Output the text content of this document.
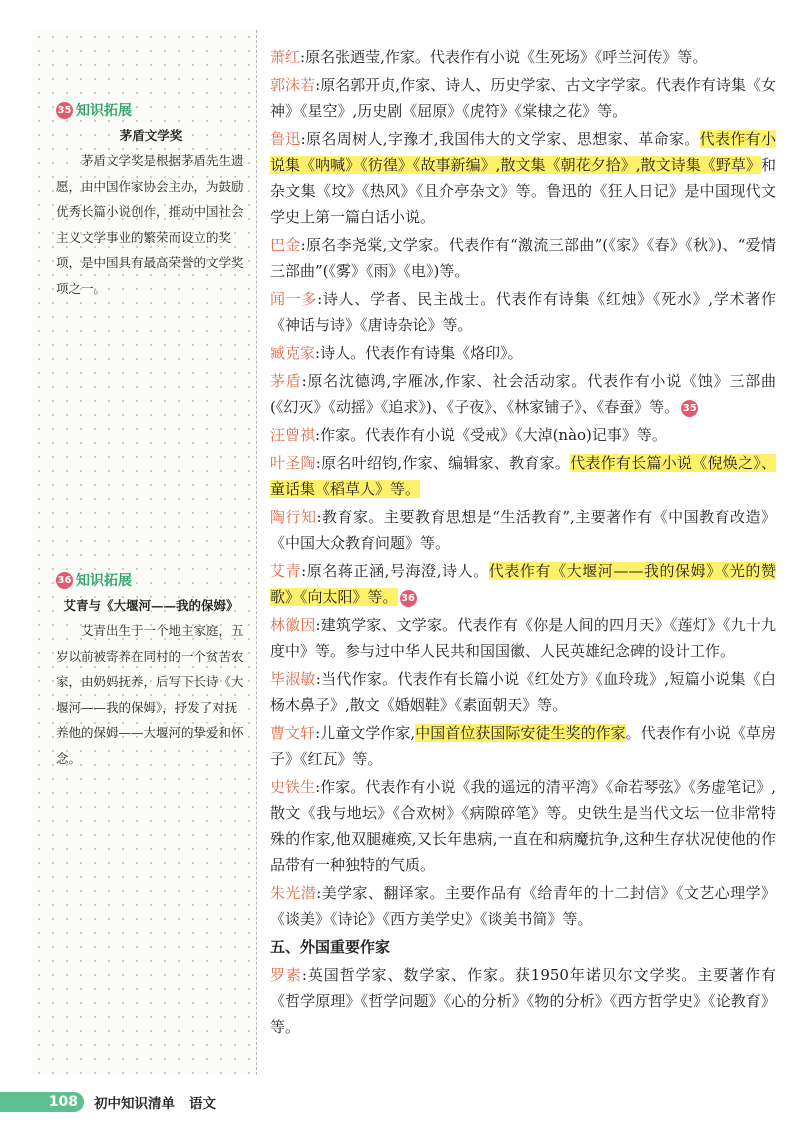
35 知识拓展
茅盾文学奖

茅盾文学奖是根据茅盾先生遗愿，由中国作家协会主办，为鼓励优秀长篇小说创作，推动中国社会主义文学事业的繁荣而设立的奖项，是中国具有最高荣誉的文学奖项之一。

36 知识拓展
艾青与《大堰河——我的保姆》

艾青出生于一个地主家庭，五岁以前被寄养在同村的一个贫苦农家，由奶妈抚养，后写下长诗《大堰河——我的保姆》，抒发了对抚养他的保姆——大堰河的挚爱和怀念。

萧红:原名张迺莹,作家。代表作有小说《生死场》《呼兰河传》等。

郭沫若:原名郭开贞,作家、诗人、历史学家、古文字学家。代表作有诗集《女神》《星空》,历史剧《屈原》《虎符》《棠棣之花》等。

鲁迅:原名周树人,字豫才,我国伟大的文学家、思想家、革命家。代表作有小说集《呐喊》《彷徨》《故事新编》,散文集《朝花夕拾》,散文诗集《野草》和杂文集《坟》《热风》《且介亭杂文》等。鲁迅的《狂人日记》是中国现代文学史上第一篇白话小说。

巴金:原名李尧棠,文学家。代表作有“激流三部曲”(《家》《春》《秋》)、“爱情三部曲”(《雾》《雨》《电》)等。

闻一多:诗人、学者、民主战士。代表作有诗集《红烛》《死水》,学术著作《神话与诗》《唐诗杂论》等。

臧克家:诗人。代表作有诗集《烙印》。

茅盾:原名沈德鸿,字雁冰,作家、社会活动家。代表作有小说《蚀》三部曲(《幻灭》《动摇》《追求》)、《子夜》、《林家铺子》、《春蚕》等。 35

汪曾祺:作家。代表作有小说《受戒》《大淖(nào)记事》等。

叶圣陶:原名叶绍钧,作家、编辑家、教育家。代表作有长篇小说《倪焕之》、童话集《稻草人》等。

陶行知:教育家。主要教育思想是“生活教育”,主要著作有《中国教育改造》《中国大众教育问题》等。

艾青:原名蒋正涵,号海澄,诗人。代表作有《大堰河——我的保姆》《光的赞歌》《向太阳》等。 36

林徽因:建筑学家、文学家。代表作有《你是人间的四月天》《莲灯》《九十九度中》等。参与过中华人民共和国国徽、人民英雄纪念碑的设计工作。

毕淑敏:当代作家。代表作有长篇小说《红处方》《血玲珑》,短篇小说集《白杨木鼻子》,散文《婚姻鞋》《素面朝天》等。

曹文轩:儿童文学作家,中国首位获国际安徒生奖的作家。代表作有小说《草房子》《红瓦》等。

史铁生:作家。代表作有小说《我的遥远的清平湾》《命若琴弦》《务虚笔记》,散文《我与地坛》《合欢树》《病隙碎笔》等。史铁生是当代文坛一位非常特殊的作家,他双腿瘫痪,又长年患病,一直在和病魔抗争,这种生存状况使他的作品带有一种独特的气质。

朱光潜:美学家、翻译家。主要作品有《给青年的十二封信》《文艺心理学》《谈美》《诗论》《西方美学史》《谈美书简》等。

五、外国重要作家

罗素:英国哲学家、数学家、作家。获1950年诺贝尔文学奖。主要著作有《哲学原理》《哲学问题》《心的分析》《物的分析》《西方哲学史》《论教育》等。

108	初中知识清单 语文
